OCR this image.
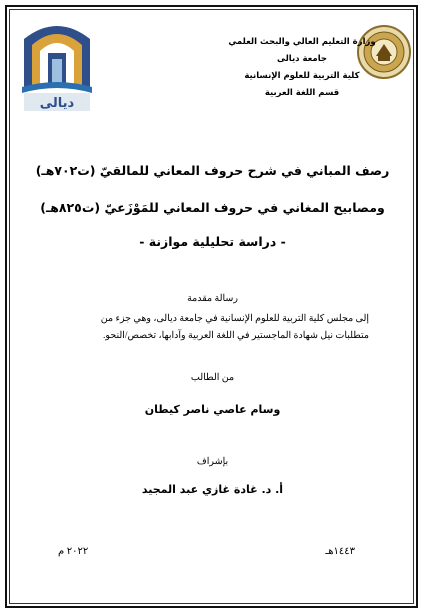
ديالى
وزارة التعليم العالي والبحث العلمي
جامعة ديالى
كلية التربية للعلوم الإنسانية
قسم اللغة العربية
رصف المباني في شرح حروف المعاني للمالقيّ (ت٧٠٢هـ)
ومصابيح المغاني في حروف المعاني للمَوْزَعيّ (ت٨٢٥هـ)
- دراسة تحليلية موازنة -
رسالة مقدمة
إلى مجلس كلية التربية للعلوم الإنسانية في جامعة ديالى، وهي جزء من
متطلبات نيل شهادة الماجستير في اللغة العربية وآدابها، تخصص/النحو.
من الطالب
وسام عاصي ناصر كيطان
بإشراف
أ. د. غادة غازي عبد المجيد
١٤٤٣هـ
٢٠٢٢ م
